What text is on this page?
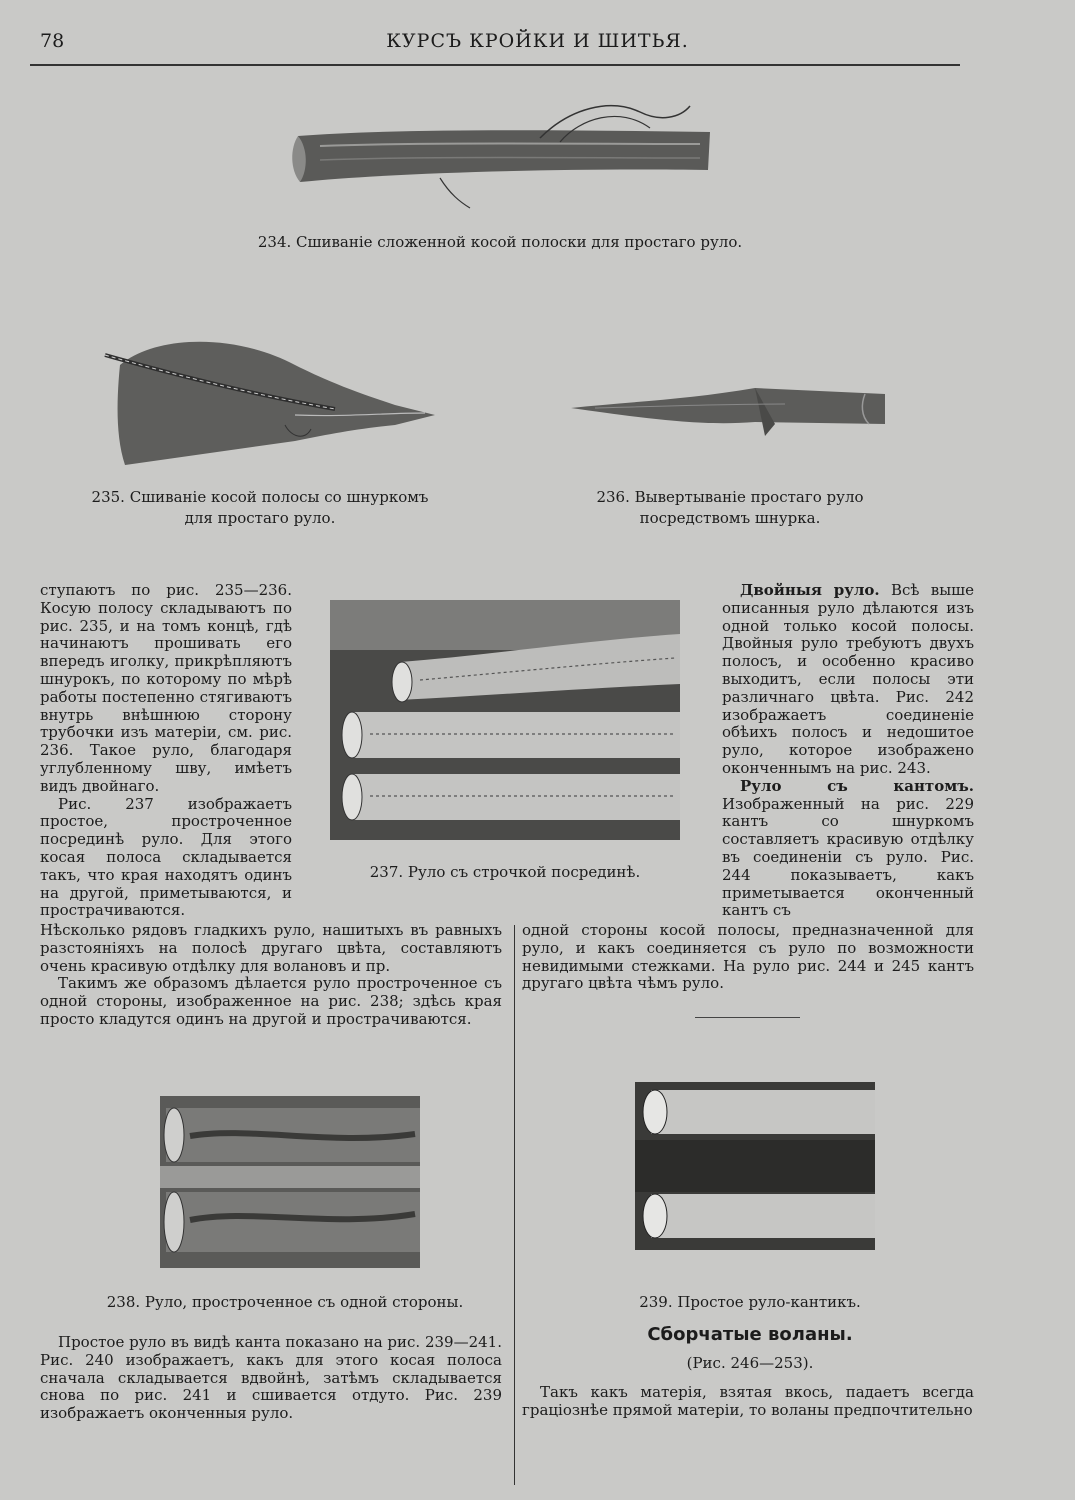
78	КУРСЪ КРОЙКИ И ШИТЬЯ.
234. Сшиваніе сложенной косой полоски для простаго руло.
235. Сшиваніе косой полосы со шнуркомъ
для простаго руло.
236. Вывертываніе простаго руло
посредствомъ шнурка.

ступаютъ по рис. 235—236. Косую полосу складываютъ по рис. 235, и на томъ концѣ, гдѣ начинаютъ прошивать его впередъ иголку, прикрѣпляютъ шнурокъ, по которому по мѣрѣ работы постепенно стягиваютъ внутрь внѣшнюю сторону трубочки изъ матеріи, см. рис. 236. Такое руло, благодаря углубленному шву, имѣетъ видъ двойнаго.

Рис. 237 изображаетъ простое, простроченное посрединѣ руло. Для этого косая полоса складывается такъ, что края находятъ одинъ на другой, приметываются, и прострачиваются.

237. Руло съ строчкой посрединѣ.

Нѣсколько рядовъ гладкихъ руло, нашитыхъ въ равныхъ разстояніяхъ на полосѣ другаго цвѣта, составляютъ очень красивую отдѣлку для волановъ и пр.

Такимъ же образомъ дѣлается руло простроченное съ одной стороны, изображенное на рис. 238; здѣсь края просто кладутся одинъ на другой и прострачиваются.

Двойныя руло. Всѣ выше описанныя руло дѣлаются изъ одной только косой полосы. Двойныя руло требуютъ двухъ полосъ, и особенно красиво выходитъ, если полосы эти различнаго цвѣта. Рис. 242 изображаетъ соединеніе обѣихъ полосъ и недошитое руло, которое изображено оконченнымъ на рис. 243.

Руло съ кантомъ. Изображенный на рис. 229 кантъ со шнуркомъ составляетъ красивую отдѣлку въ соединеніи съ руло. Рис. 244 показываетъ, какъ приметывается оконченный кантъ съ

одной стороны косой полосы, предназначенной для руло, и какъ соединяется съ руло по возможности невидимыми стежками. На руло рис. 244 и 245 кантъ другаго цвѣта чѣмъ руло.

238. Руло, простроченное съ одной стороны.	239. Простое руло-кантикъ.

Простое руло въ видѣ канта показано на рис. 239—241. Рис. 240 изображаетъ, какъ для этого косая полоса сначала складывается вдвойнѣ, затѣмъ складывается снова по рис. 241 и сшивается отдуто. Рис. 239 изображаетъ оконченныя руло.

Сборчатые воланы.
(Рис. 246—253).

Такъ какъ матерія, взятая вкось, падаетъ всегда граціознѣе прямой матеріи, то воланы предпочтительно
